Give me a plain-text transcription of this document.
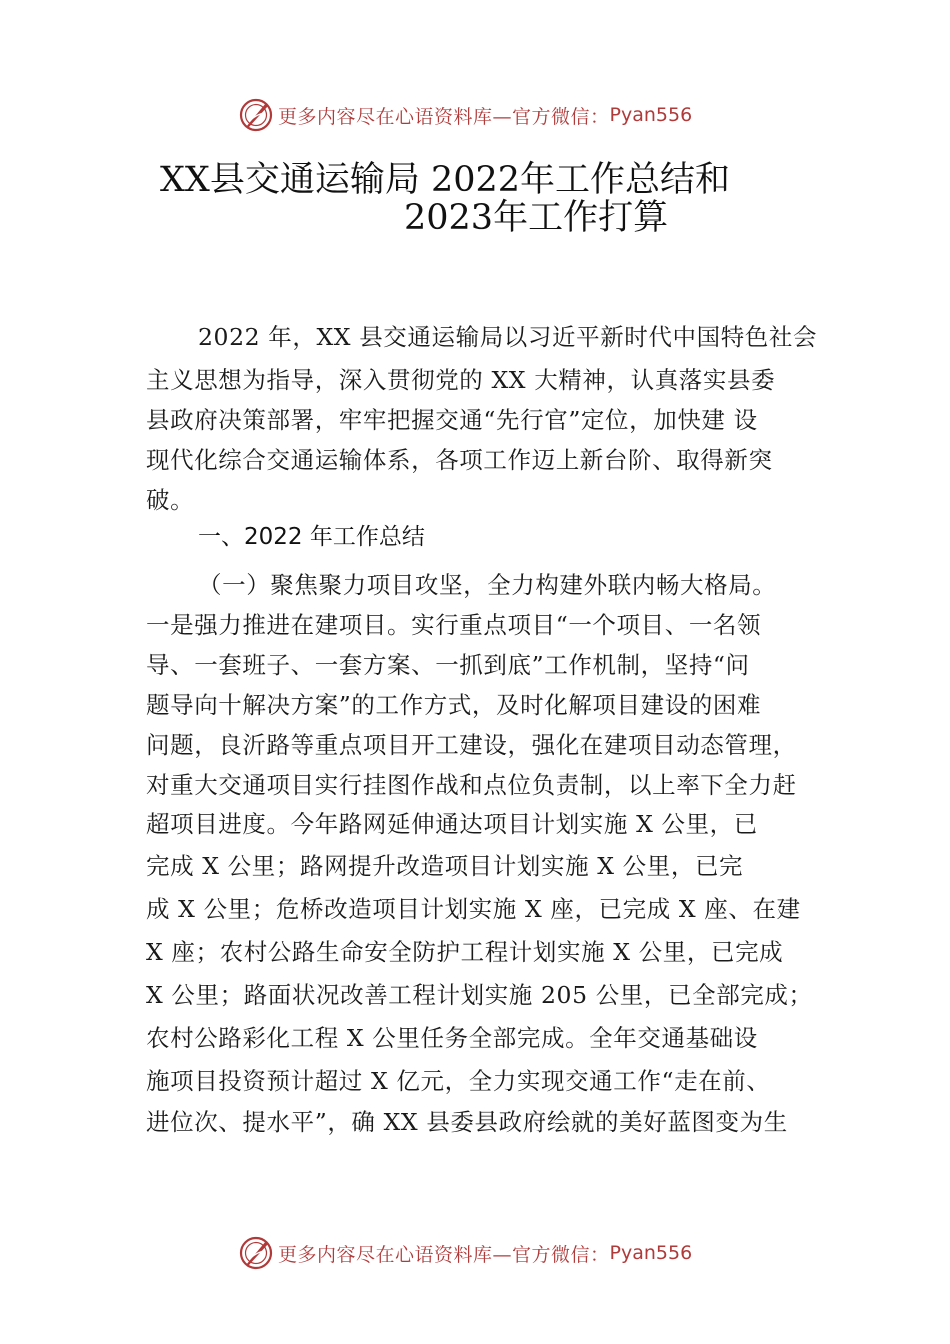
更多内容尽在心语资料库—官方微信： Pyan556
XX县交通运输局 2022年工作总结和
2023年工作打算
2022 年，XX 县交通运输局以习近平新时代中国特色社会
主义思想为指导，深入贯彻党的 XX 大精神，认真落实县委
县政府决策部署，牢牢把握交通“先行官”定位，加快建 设
现代化综合交通运输体系，各项工作迈上新台阶、取得新突
破。
一、2022 年工作总结
（一）聚焦聚力项目攻坚，全力构建外联内畅大格局。
一是强力推进在建项目。实行重点项目“一个项目、一名领
导、一套班子、一套方案、一抓到底”工作机制，坚持“问
题导向十解决方案”的工作方式，及时化解项目建设的困难
问题，良沂路等重点项目开工建设，强化在建项目动态管理，
对重大交通项目实行挂图作战和点位负责制，以上率下全力赶
超项目进度。今年路网延伸通达项目计划实施 X 公里，已
完成 X 公里；路网提升改造项目计划实施 X 公里，已完
成 X 公里；危桥改造项目计划实施 X 座，已完成 X 座、在建
X 座；农村公路生命安全防护工程计划实施 X 公里，已完成
X 公里；路面状况改善工程计划实施 205 公里，已全部完成；
农村公路彩化工程 X 公里任务全部完成。全年交通基础设
施项目投资预计超过 X 亿元，全力实现交通工作“走在前、
进位次、提水平”，确 XX 县委县政府绘就的美好蓝图变为生
更多内容尽在心语资料库—官方微信： Pyan556
